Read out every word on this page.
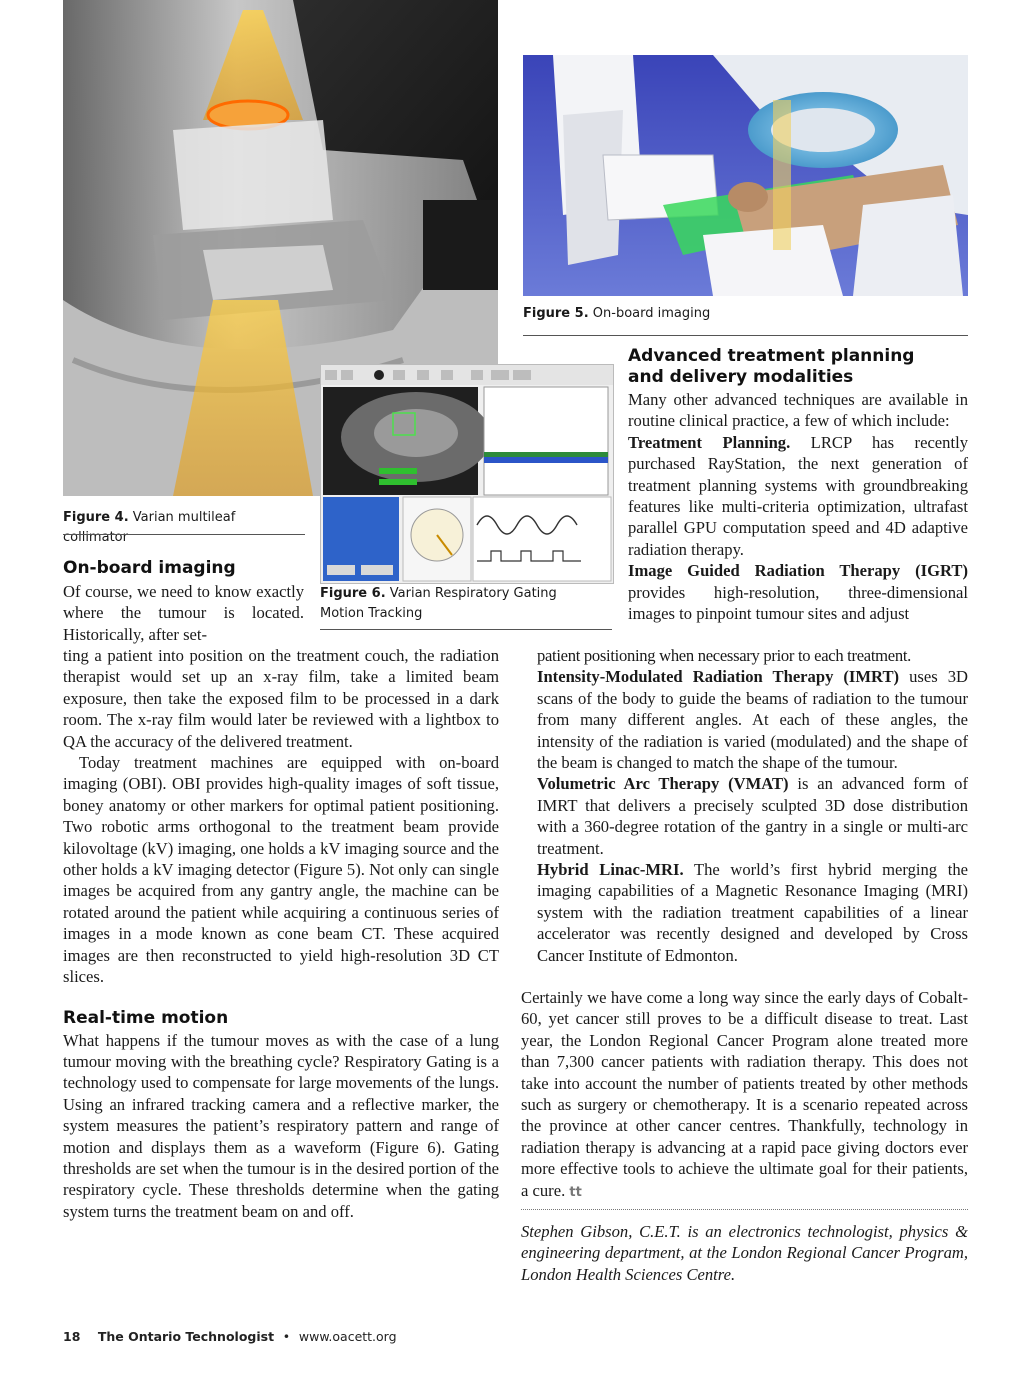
Figure 4. Varian multileaf collimator
Figure 5. On-board imaging
Figure 6. Varian Respiratory Gating
Motion Tracking
On-board imaging

Of course, we need to know exactly where the tumour is located. Historically, after set-

ting a patient into position on the treatment couch, the radiation therapist would set up an x-ray film, take a limited beam exposure, then take the exposed film to be processed in a dark room. The x-ray film would later be reviewed with a lightbox to QA the accuracy of the delivered treatment.

Today treatment machines are equipped with on-board imaging (OBI). OBI provides high-quality images of soft tissue, boney anatomy or other markers for optimal patient positioning. Two robotic arms orthogonal to the treatment beam provide kilovoltage (kV) imaging, one holds a kV imaging source and the other holds a kV imaging detector (Figure 5). Not only can single images be acquired from any gantry angle, the machine can be rotated around the patient while acquiring a continuous series of images in a mode known as cone beam CT. These acquired images are then reconstructed to yield high-resolution 3D CT slices.

Real-time motion

What happens if the tumour moves as with the case of a lung tumour moving with the breathing cycle? Respiratory Gating is a technology used to compensate for large movements of the lungs. Using an infrared tracking camera and a reflective marker, the system measures the patient’s respiratory pattern and range of motion and displays them as a waveform (Figure 6). Gating thresholds are set when the tumour is in the desired portion of the respiratory cycle. These thresholds determine when the gating system turns the treatment beam on and off.

Advanced treatment planning
and delivery modalities

Many other advanced techniques are available in routine clinical practice, a few of which include:

Treatment Planning. LRCP has recently purchased RayStation, the next generation of treatment planning systems with groundbreaking features like multi-criteria optimization, ultrafast parallel GPU computation speed and 4D adaptive radiation therapy.

Image Guided Radiation Therapy (IGRT) provides high-resolution, three-dimensional images to pinpoint tumour sites and adjust

patient positioning when necessary prior to each treatment.

Intensity-Modulated Radiation Therapy (IMRT) uses 3D scans of the body to guide the beams of radiation to the tumour from many different angles. At each of these angles, the intensity of the radiation is varied (modulated) and the shape of the beam is changed to match the shape of the tumour.

Volumetric Arc Therapy (VMAT) is an advanced form of IMRT that delivers a precisely sculpted 3D dose distribution with a 360-degree rotation of the gantry in a single or multi-arc treatment.

Hybrid Linac-MRI. The world’s first hybrid merging the imaging capabilities of a Magnetic Resonance Imaging (MRI) system with the radiation treatment capabilities of a linear accelerator was recently designed and developed by Cross Cancer Institute of Edmonton.

Certainly we have come a long way since the early days of Cobalt-60, yet cancer still proves to be a difficult disease to treat. Last year, the London Regional Cancer Program alone treated more than 7,300 cancer patients with radiation therapy. This does not take into account the number of patients treated by other methods such as surgery or chemotherapy. It is a scenario repeated across the province at other cancer centres. Thankfully, technology in radiation therapy is advancing at a rapid pace giving doctors ever more effective tools to achieve the ultimate goal for their patients, a cure. tt

Stephen Gibson, C.E.T. is an electronics technologist, physics & engineering department, at the London Regional Cancer Program, London Health Sciences Centre.

18 The Ontario Technologist • www.oacett.org
